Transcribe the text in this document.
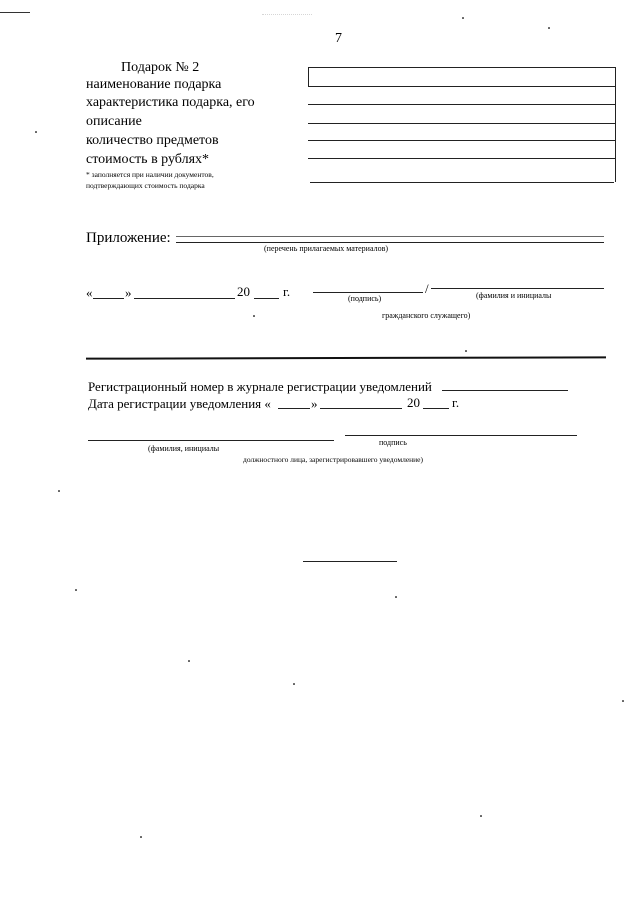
7
Подарок № 2
наименование подарка
характеристика подарка, его
описание
количество предметов
стоимость в рублях*
* заполняется при наличии документов,
подтверждающих стоимость подарка
Приложение:
(перечень прилагаемых материалов)
«	»	20	г.	/
(подпись)	(фамилия и инициалы
гражданского служащего)
Регистрационный номер в журнале регистрации уведомлений
Дата регистрации уведомления «	»	20 г.
(фамилия, инициалы
подпись
должностного лица, зарегистрировавшего уведомление)
